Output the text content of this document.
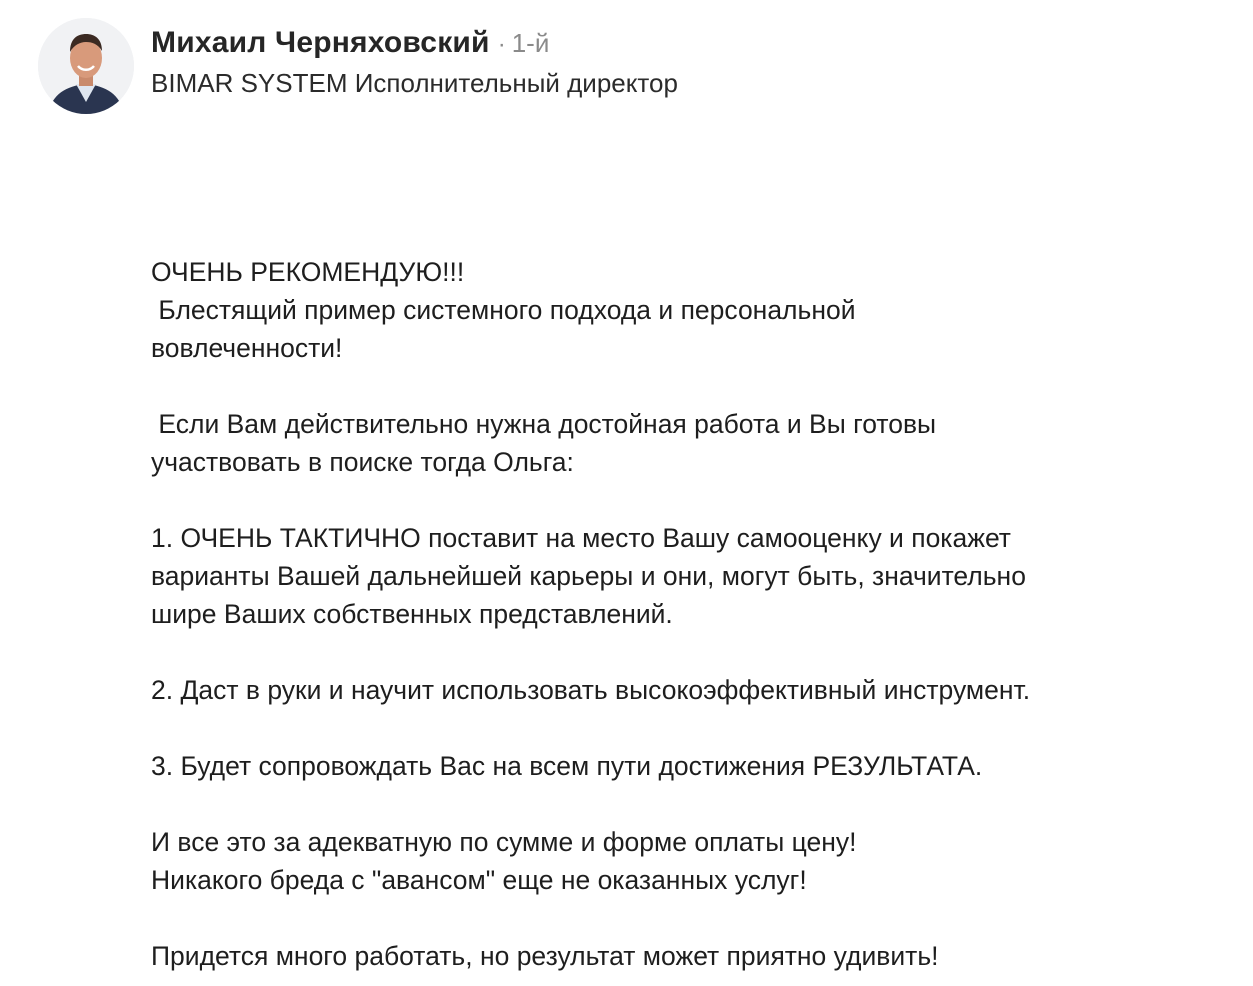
Михаил Черняховский · 1-й
BIMAR SYSTEM Исполнительный директор
ОЧЕНЬ РЕКОМЕНДУЮ!!!
Блестящий пример системного подхода и персональной
вовлеченности!
Если Вам действительно нужна достойная работа и Вы готовы
участвовать в поиске тогда Ольга:
1. ОЧЕНЬ ТАКТИЧНО поставит на место Вашу самооценку и покажет
варианты Вашей дальнейшей карьеры и они, могут быть, значительно
шире Ваших собственных представлений.
2. Даст в руки и научит использовать высокоэффективный инструмент.
3. Будет сопровождать Вас на всем пути достижения РЕЗУЛЬТАТА.
И все это за адекватную по сумме и форме оплаты цену!
Никакого бреда с "авансом" еще не оказанных услуг!
Придется много работать, но результат может приятно удивить!
